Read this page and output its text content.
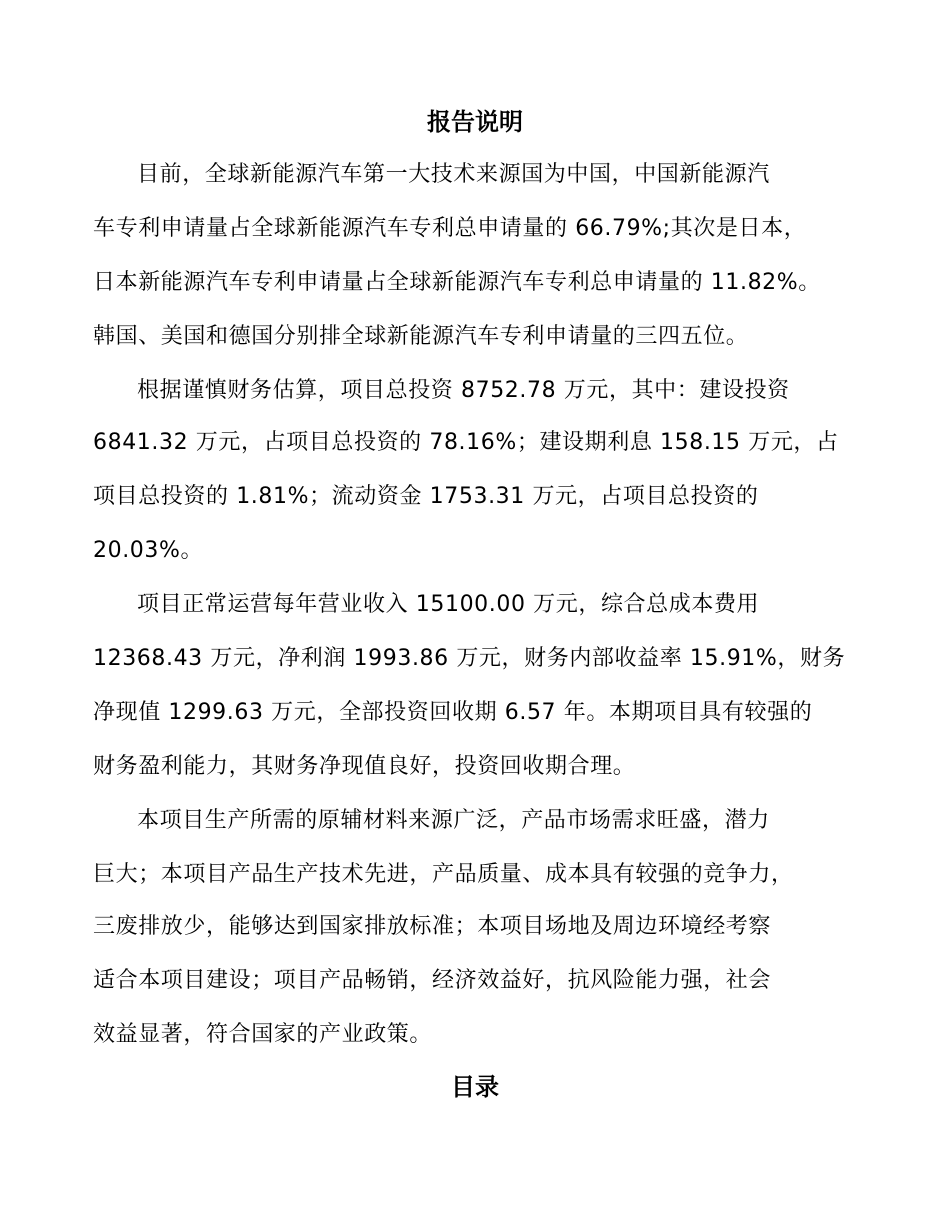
报告说明
目前，全球新能源汽车第一大技术来源国为中国，中国新能源汽
车专利申请量占全球新能源汽车专利总申请量的 66.79%;其次是日本，
日本新能源汽车专利申请量占全球新能源汽车专利总申请量的 11.82%。
韩国、美国和德国分别排全球新能源汽车专利申请量的三四五位。
根据谨慎财务估算，项目总投资 8752.78 万元，其中：建设投资
6841.32 万元，占项目总投资的 78.16%；建设期利息 158.15 万元，占
项目总投资的 1.81%；流动资金 1753.31 万元，占项目总投资的
20.03%。
项目正常运营每年营业收入 15100.00 万元，综合总成本费用
12368.43 万元，净利润 1993.86 万元，财务内部收益率 15.91%，财务
净现值 1299.63 万元，全部投资回收期 6.57 年。本期项目具有较强的
财务盈利能力，其财务净现值良好，投资回收期合理。
本项目生产所需的原辅材料来源广泛，产品市场需求旺盛，潜力
巨大；本项目产品生产技术先进，产品质量、成本具有较强的竞争力，
三废排放少，能够达到国家排放标准；本项目场地及周边环境经考察
适合本项目建设；项目产品畅销，经济效益好，抗风险能力强，社会
效益显著，符合国家的产业政策。
目录
